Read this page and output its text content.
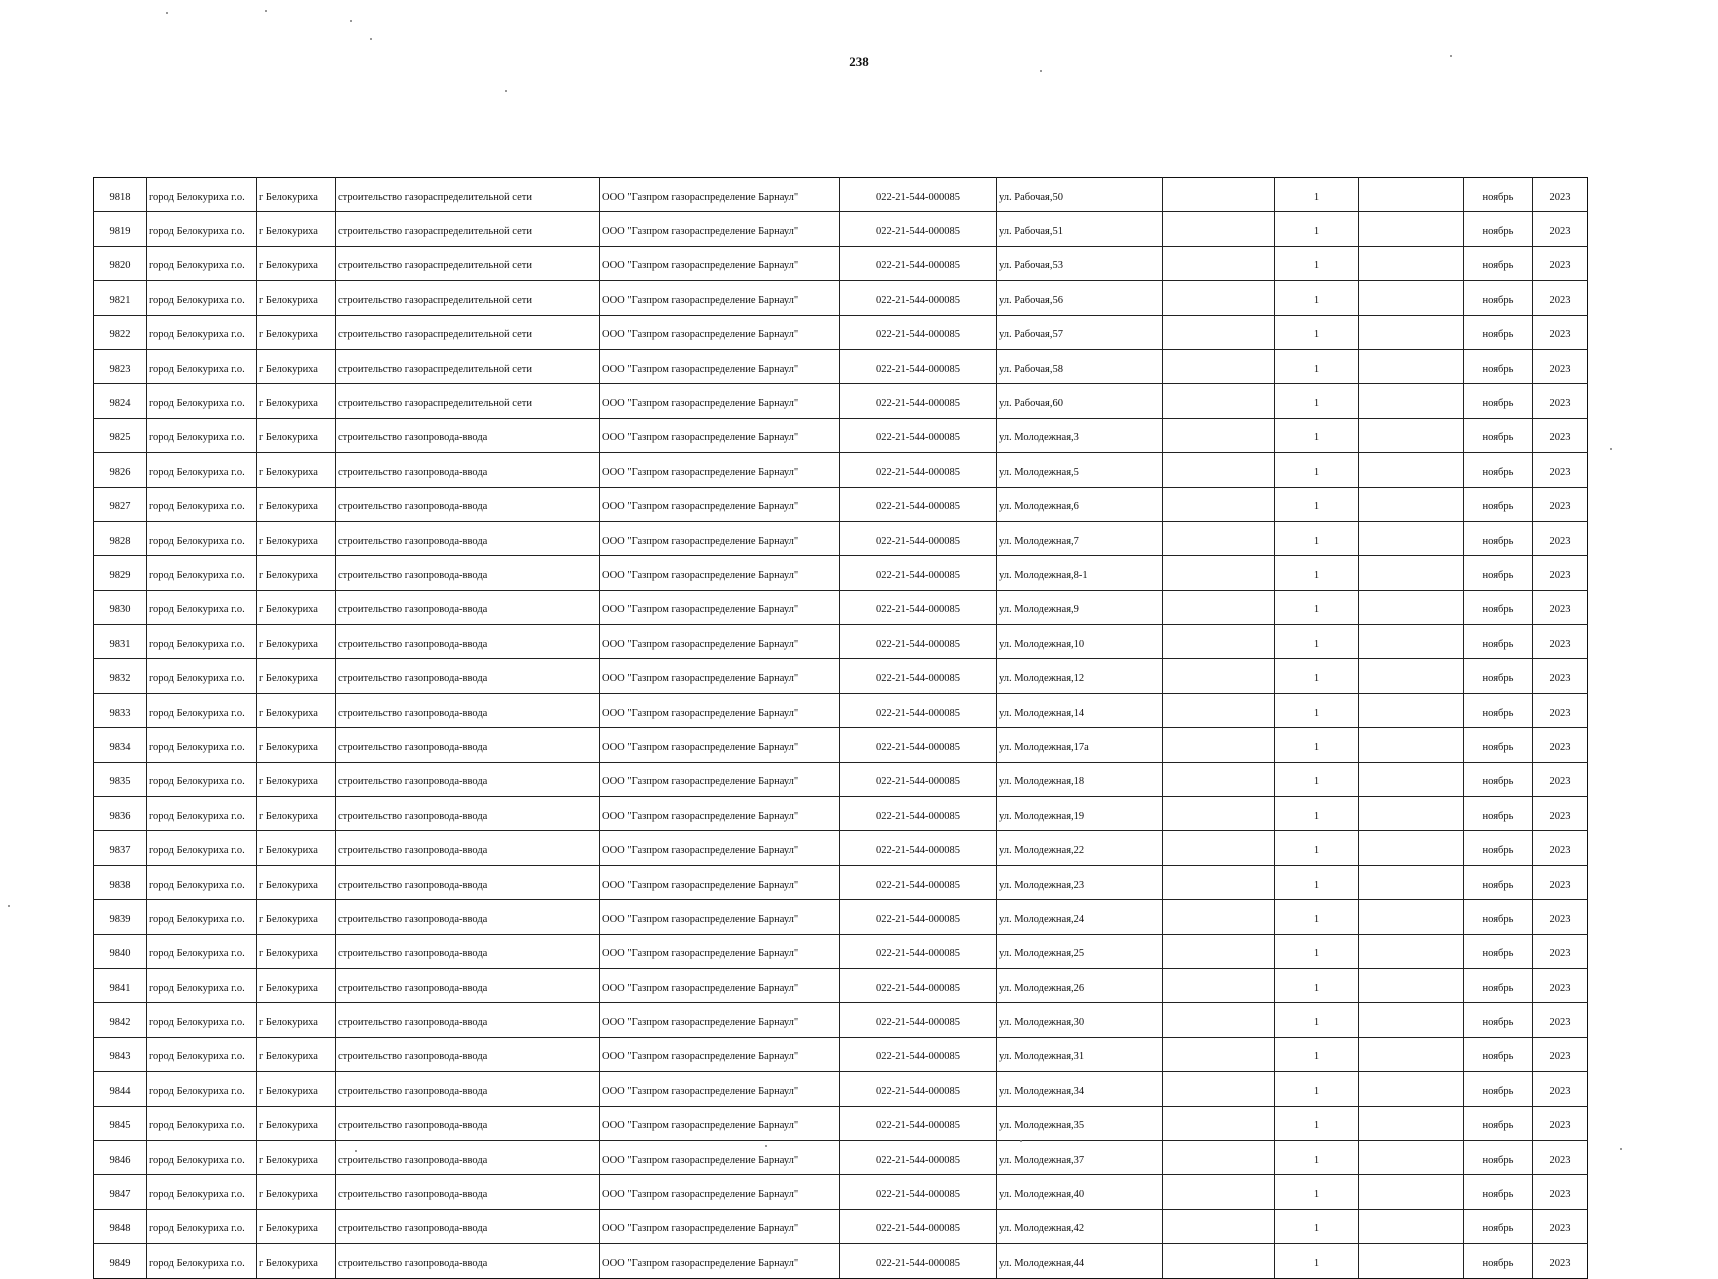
238
9818	город Белокуриха г.о.	г Белокуриха	строительство газораспределительной сети	ООО "Газпром газораспределение Барнаул"	022-21-544-000085	ул. Рабочая,50		1		ноябрь	2023
9819	город Белокуриха г.о.	г Белокуриха	строительство газораспределительной сети	ООО "Газпром газораспределение Барнаул"	022-21-544-000085	ул. Рабочая,51		1		ноябрь	2023
9820	город Белокуриха г.о.	г Белокуриха	строительство газораспределительной сети	ООО "Газпром газораспределение Барнаул"	022-21-544-000085	ул. Рабочая,53		1		ноябрь	2023
9821	город Белокуриха г.о.	г Белокуриха	строительство газораспределительной сети	ООО "Газпром газораспределение Барнаул"	022-21-544-000085	ул. Рабочая,56		1		ноябрь	2023
9822	город Белокуриха г.о.	г Белокуриха	строительство газораспределительной сети	ООО "Газпром газораспределение Барнаул"	022-21-544-000085	ул. Рабочая,57		1		ноябрь	2023
9823	город Белокуриха г.о.	г Белокуриха	строительство газораспределительной сети	ООО "Газпром газораспределение Барнаул"	022-21-544-000085	ул. Рабочая,58		1		ноябрь	2023
9824	город Белокуриха г.о.	г Белокуриха	строительство газораспределительной сети	ООО "Газпром газораспределение Барнаул"	022-21-544-000085	ул. Рабочая,60		1		ноябрь	2023
9825	город Белокуриха г.о.	г Белокуриха	строительство газопровода-ввода	ООО "Газпром газораспределение Барнаул"	022-21-544-000085	ул. Молодежная,3		1		ноябрь	2023
9826	город Белокуриха г.о.	г Белокуриха	строительство газопровода-ввода	ООО "Газпром газораспределение Барнаул"	022-21-544-000085	ул. Молодежная,5		1		ноябрь	2023
9827	город Белокуриха г.о.	г Белокуриха	строительство газопровода-ввода	ООО "Газпром газораспределение Барнаул"	022-21-544-000085	ул. Молодежная,6		1		ноябрь	2023
9828	город Белокуриха г.о.	г Белокуриха	строительство газопровода-ввода	ООО "Газпром газораспределение Барнаул"	022-21-544-000085	ул. Молодежная,7		1		ноябрь	2023
9829	город Белокуриха г.о.	г Белокуриха	строительство газопровода-ввода	ООО "Газпром газораспределение Барнаул"	022-21-544-000085	ул. Молодежная,8-1		1		ноябрь	2023
9830	город Белокуриха г.о.	г Белокуриха	строительство газопровода-ввода	ООО "Газпром газораспределение Барнаул"	022-21-544-000085	ул. Молодежная,9		1		ноябрь	2023
9831	город Белокуриха г.о.	г Белокуриха	строительство газопровода-ввода	ООО "Газпром газораспределение Барнаул"	022-21-544-000085	ул. Молодежная,10		1		ноябрь	2023
9832	город Белокуриха г.о.	г Белокуриха	строительство газопровода-ввода	ООО "Газпром газораспределение Барнаул"	022-21-544-000085	ул. Молодежная,12		1		ноябрь	2023
9833	город Белокуриха г.о.	г Белокуриха	строительство газопровода-ввода	ООО "Газпром газораспределение Барнаул"	022-21-544-000085	ул. Молодежная,14		1		ноябрь	2023
9834	город Белокуриха г.о.	г Белокуриха	строительство газопровода-ввода	ООО "Газпром газораспределение Барнаул"	022-21-544-000085	ул. Молодежная,17а		1		ноябрь	2023
9835	город Белокуриха г.о.	г Белокуриха	строительство газопровода-ввода	ООО "Газпром газораспределение Барнаул"	022-21-544-000085	ул. Молодежная,18		1		ноябрь	2023
9836	город Белокуриха г.о.	г Белокуриха	строительство газопровода-ввода	ООО "Газпром газораспределение Барнаул"	022-21-544-000085	ул. Молодежная,19		1		ноябрь	2023
9837	город Белокуриха г.о.	г Белокуриха	строительство газопровода-ввода	ООО "Газпром газораспределение Барнаул"	022-21-544-000085	ул. Молодежная,22		1		ноябрь	2023
9838	город Белокуриха г.о.	г Белокуриха	строительство газопровода-ввода	ООО "Газпром газораспределение Барнаул"	022-21-544-000085	ул. Молодежная,23		1		ноябрь	2023
9839	город Белокуриха г.о.	г Белокуриха	строительство газопровода-ввода	ООО "Газпром газораспределение Барнаул"	022-21-544-000085	ул. Молодежная,24		1		ноябрь	2023
9840	город Белокуриха г.о.	г Белокуриха	строительство газопровода-ввода	ООО "Газпром газораспределение Барнаул"	022-21-544-000085	ул. Молодежная,25		1		ноябрь	2023
9841	город Белокуриха г.о.	г Белокуриха	строительство газопровода-ввода	ООО "Газпром газораспределение Барнаул"	022-21-544-000085	ул. Молодежная,26		1		ноябрь	2023
9842	город Белокуриха г.о.	г Белокуриха	строительство газопровода-ввода	ООО "Газпром газораспределение Барнаул"	022-21-544-000085	ул. Молодежная,30		1		ноябрь	2023
9843	город Белокуриха г.о.	г Белокуриха	строительство газопровода-ввода	ООО "Газпром газораспределение Барнаул"	022-21-544-000085	ул. Молодежная,31		1		ноябрь	2023
9844	город Белокуриха г.о.	г Белокуриха	строительство газопровода-ввода	ООО "Газпром газораспределение Барнаул"	022-21-544-000085	ул. Молодежная,34		1		ноябрь	2023
9845	город Белокуриха г.о.	г Белокуриха	строительство газопровода-ввода	ООО "Газпром газораспределение Барнаул"	022-21-544-000085	ул. Молодежная,35		1		ноябрь	2023
9846	город Белокуриха г.о.	г Белокуриха	строительство газопровода-ввода	ООО "Газпром газораспределение Барнаул"	022-21-544-000085	ул. Молодежная,37		1		ноябрь	2023
9847	город Белокуриха г.о.	г Белокуриха	строительство газопровода-ввода	ООО "Газпром газораспределение Барнаул"	022-21-544-000085	ул. Молодежная,40		1		ноябрь	2023
9848	город Белокуриха г.о.	г Белокуриха	строительство газопровода-ввода	ООО "Газпром газораспределение Барнаул"	022-21-544-000085	ул. Молодежная,42		1		ноябрь	2023
9849	город Белокуриха г.о.	г Белокуриха	строительство газопровода-ввода	ООО "Газпром газораспределение Барнаул"	022-21-544-000085	ул. Молодежная,44		1		ноябрь	2023
